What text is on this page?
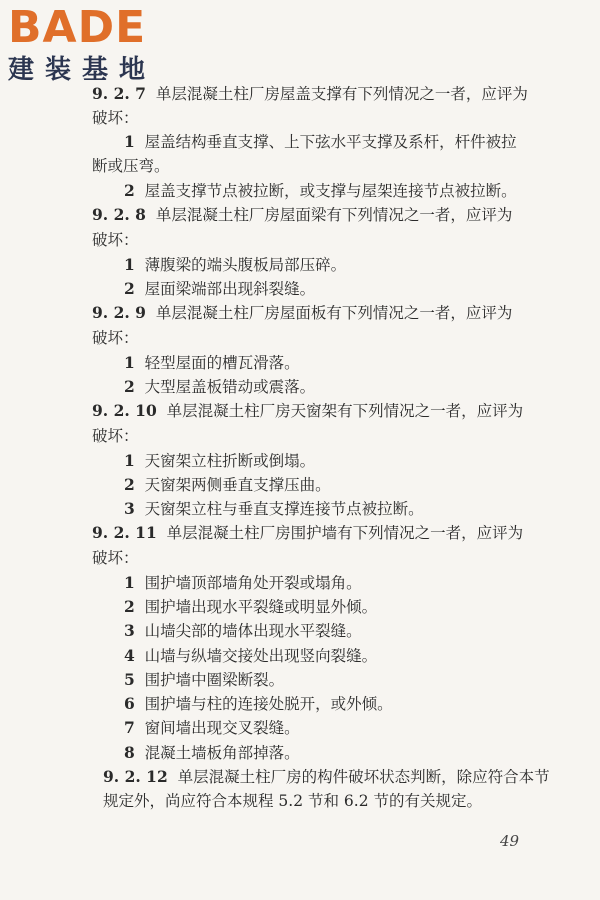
BADE
建装基地
9. 2. 7 单层混凝土柱厂房屋盖支撑有下列情况之一者，应评为
破坏：
1 屋盖结构垂直支撑、上下弦水平支撑及系杆，杆件被拉
断或压弯。
2 屋盖支撑节点被拉断，或支撑与屋架连接节点被拉断。
9. 2. 8 单层混凝土柱厂房屋面梁有下列情况之一者，应评为
破坏：
1 薄腹梁的端头腹板局部压碎。
2 屋面梁端部出现斜裂缝。
9. 2. 9 单层混凝土柱厂房屋面板有下列情况之一者，应评为
破坏：
1 轻型屋面的槽瓦滑落。
2 大型屋盖板错动或震落。
9. 2. 10 单层混凝土柱厂房天窗架有下列情况之一者，应评为
破坏：
1 天窗架立柱折断或倒塌。
2 天窗架两侧垂直支撑压曲。
3 天窗架立柱与垂直支撑连接节点被拉断。
9. 2. 11 单层混凝土柱厂房围护墙有下列情况之一者，应评为
破坏：
1 围护墙顶部墙角处开裂或塌角。
2 围护墙出现水平裂缝或明显外倾。
3 山墙尖部的墙体出现水平裂缝。
4 山墙与纵墙交接处出现竖向裂缝。
5 围护墙中圈梁断裂。
6 围护墙与柱的连接处脱开，或外倾。
7 窗间墙出现交叉裂缝。
8 混凝土墙板角部掉落。
9. 2. 12 单层混凝土柱厂房的构件破坏状态判断，除应符合本节
规定外，尚应符合本规程 5.2 节和 6.2 节的有关规定。
49
